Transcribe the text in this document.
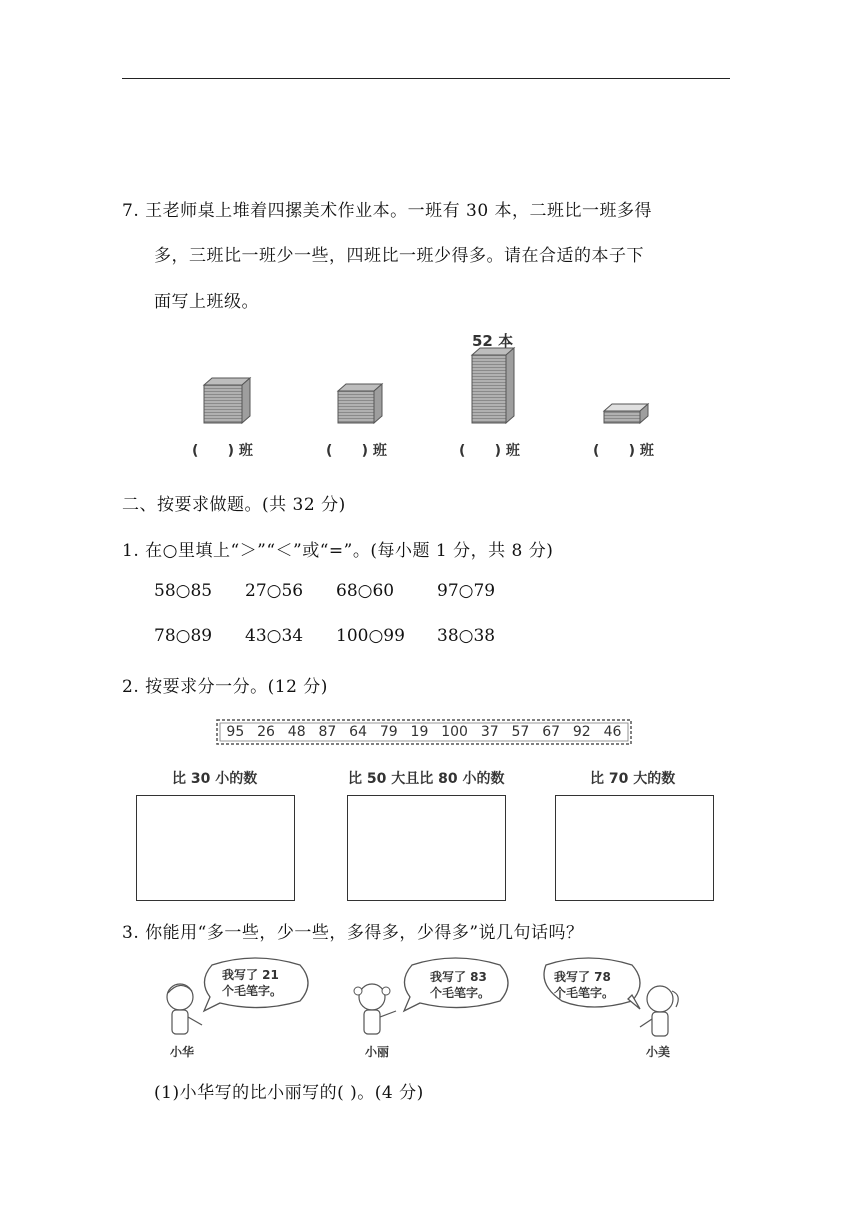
7. 王老师桌上堆着四摞美术作业本。一班有 30 本，二班比一班多得
多，三班比一班少一些，四班比一班少得多。请在合适的本子下
面写上班级。
52 本
(      ) 班	(      ) 班	(      ) 班	(      ) 班
二、按要求做题。(共 32 分)
1. 在○里填上“＞”“＜”或“=”。(每小题 1 分，共 8 分)
58○85 27○56 68○60	97○79
78○89 43○34 100○99 38○38
2. 按要求分一分。(12 分)
95 26 48 87 64 79 19 100 37 57 67 92 46
比 30 小的数	比 50 大且比 80 小的数	比 70 大的数
3. 你能用“多一些，少一些，多得多，少得多”说几句话吗？
我写了 21
个毛笔字。
小华
我写了 83
个毛笔字。
小丽
我写了 78
个毛笔字。
小美
(1)小华写的比小丽写的( )。(4 分)
